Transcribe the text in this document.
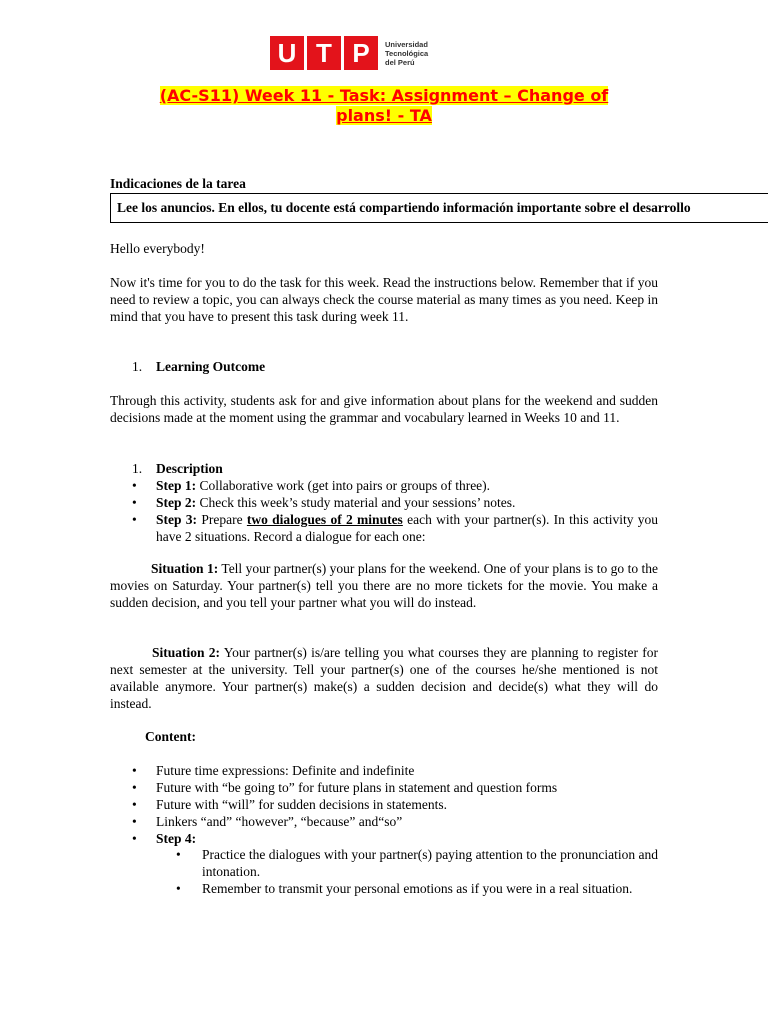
U T P	Universidad
Tecnológica
del Perú
(AC-S11) Week 11 - Task: Assignment – Change of
plans! - TA
Indicaciones de la tarea
Lee los anuncios. En ellos, tu docente está compartiendo información importante sobre el desarrollo
Hello everybody!
Now it's time for you to do the task for this week. Read the instructions below. Remember that if you need to review a topic, you can always check the course material as many times as you need. Keep in mind that you have to present this task during week 11.
1. Learning Outcome
Through this activity, students ask for and give information about plans for the weekend and sudden decisions made at the moment using the grammar and vocabulary learned in Weeks 10 and 11.
1. Description
• Step 1: Collaborative work (get into pairs or groups of three).
• Step 2: Check this week’s study material and your sessions’ notes.
• Step 3: Prepare two dialogues of 2 minutes each with your partner(s). In this activity you have 2 situations. Record a dialogue for each one:
Situation 1: Tell your partner(s) your plans for the weekend. One of your plans is to go to the movies on Saturday. Your partner(s) tell you there are no more tickets for the movie. You make a sudden decision, and you tell your partner what you will do instead.
Situation 2: Your partner(s) is/are telling you what courses they are planning to register for next semester at the university. Tell your partner(s) one of the courses he/she mentioned is not available anymore. Your partner(s) make(s) a sudden decision and decide(s) what they will do instead.
Content:
• Future time expressions: Definite and indefinite
• Future with “be going to” for future plans in statement and question forms
• Future with “will” for sudden decisions in statements.
• Linkers “and” “however”, “because” and“so”
• Step 4:
• Practice the dialogues with your partner(s) paying attention to the pronunciation and intonation.
• Remember to transmit your personal emotions as if you were in a real situation.
